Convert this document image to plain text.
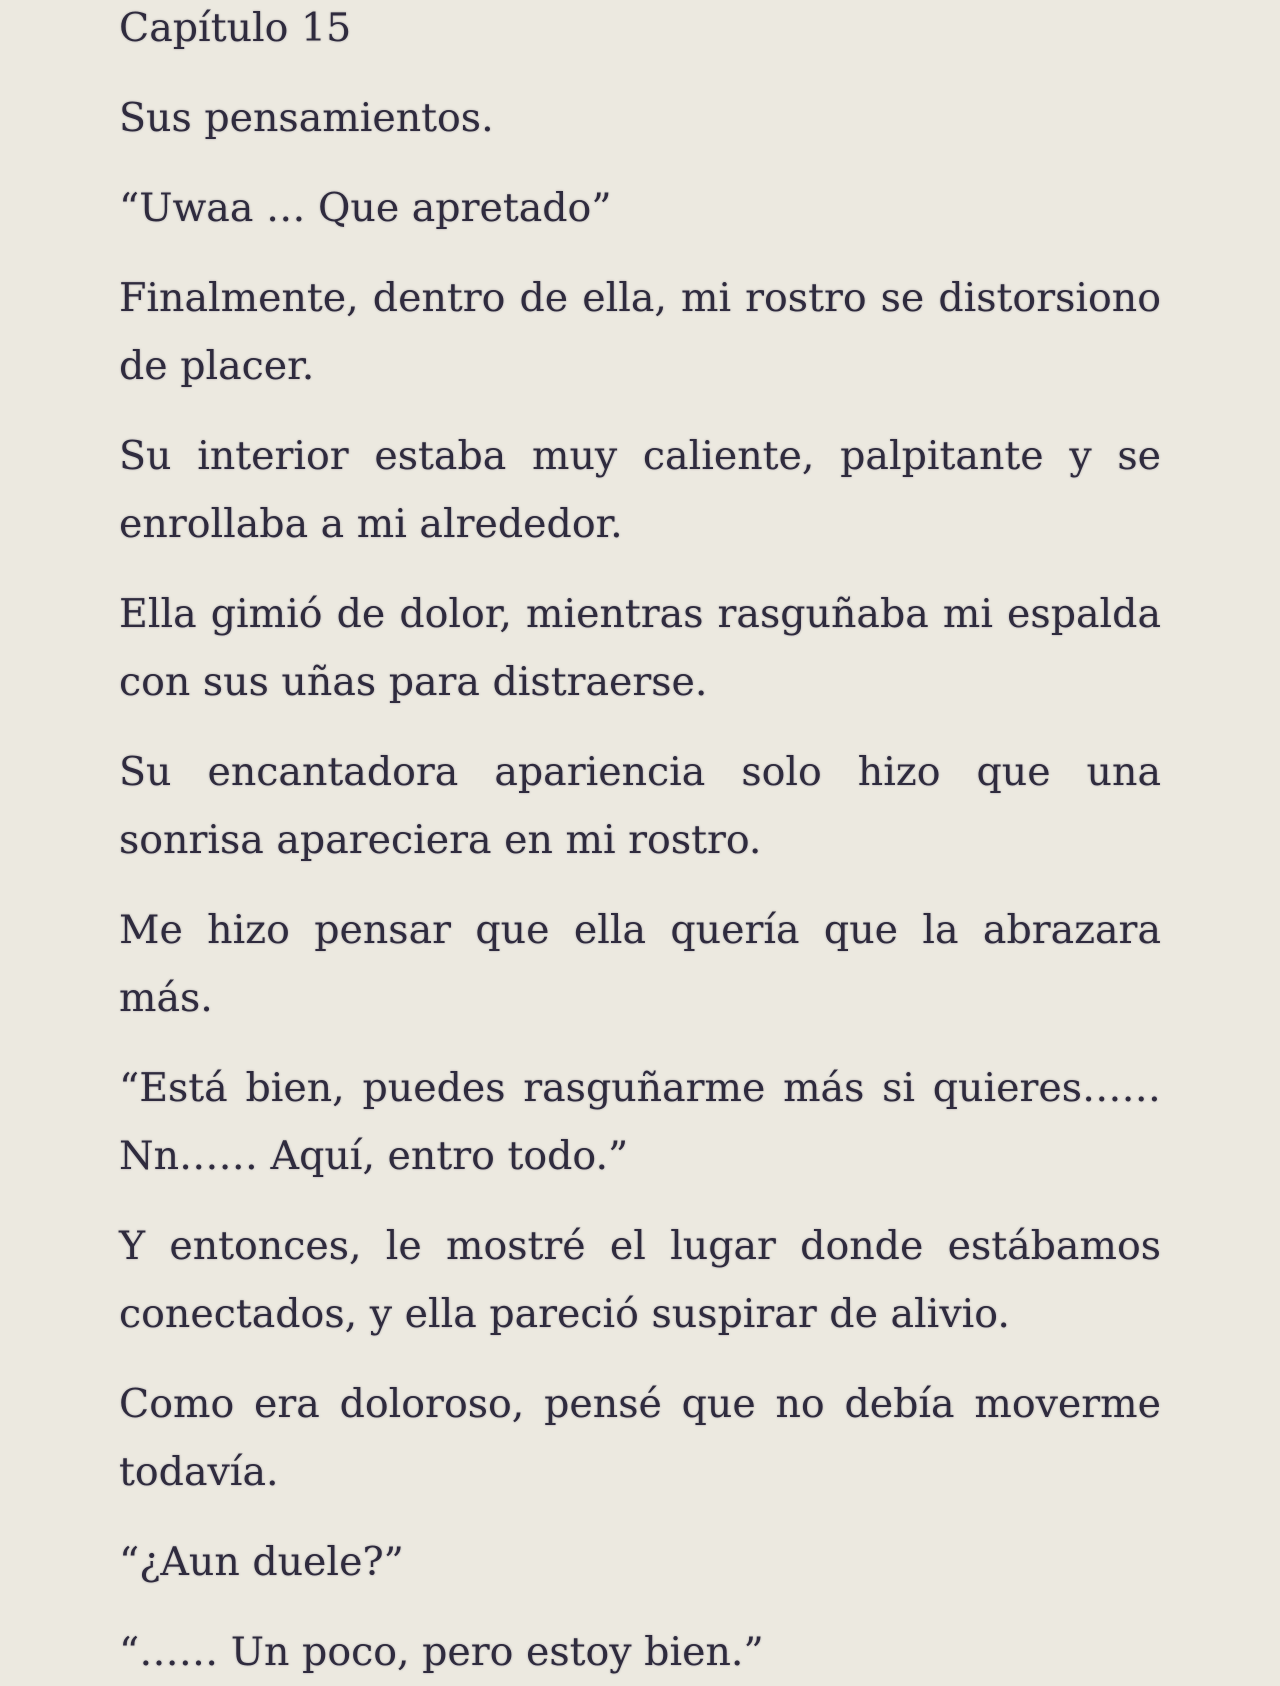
Capítulo 15

Sus pensamientos.

“Uwaa … Que apretado”

Finalmente, dentro de ella, mi rostro se distorsiono de placer.

Su interior estaba muy caliente, palpitante y se enrollaba a mi alrededor.

Ella gimió de dolor, mientras rasguñaba mi espalda con sus uñas para distraerse.

Su encantadora apariencia solo hizo que una sonrisa apareciera en mi rostro.

Me hizo pensar que ella quería que la abrazara más.

“Está bien, puedes rasguñarme más si quieres…… Nn…… Aquí, entro todo.”

Y entonces, le mostré el lugar donde estábamos conectados, y ella pareció suspirar de alivio.

Como era doloroso, pensé que no debía moverme todavía.

“¿Aun duele?”

“…… Un poco, pero estoy bien.”
